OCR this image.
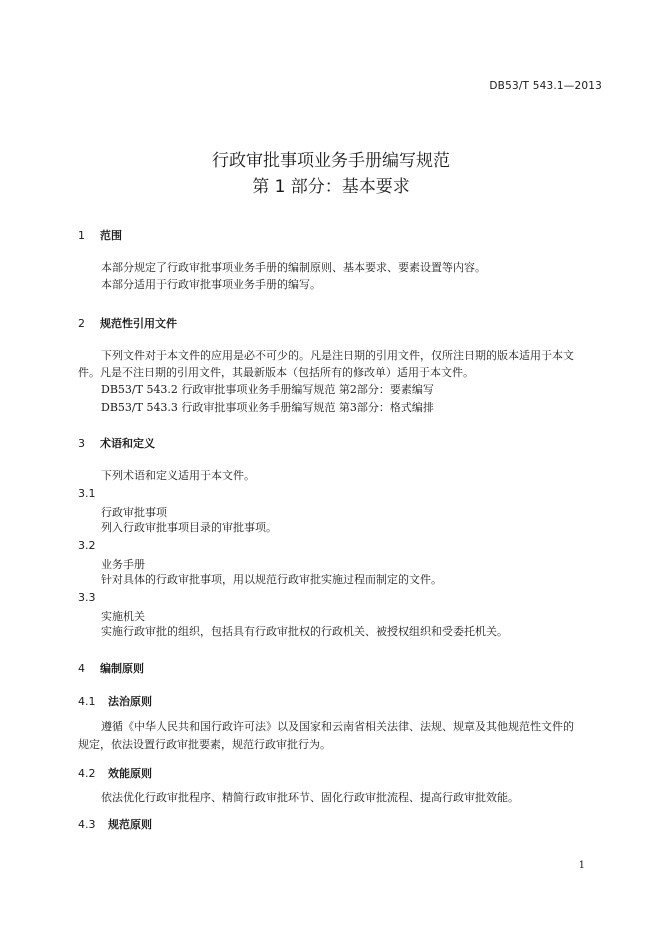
DB53/T 543.1—2013
行政审批事项业务手册编写规范
第 1 部分：基本要求
1 范围
本部分规定了行政审批事项业务手册的编制原则、基本要求、要素设置等内容。
本部分适用于行政审批事项业务手册的编写。
2 规范性引用文件
下列文件对于本文件的应用是必不可少的。凡是注日期的引用文件，仅所注日期的版本适用于本文
件。凡是不注日期的引用文件，其最新版本（包括所有的修改单）适用于本文件。
DB53/T 543.2 行政审批事项业务手册编写规范 第2部分：要素编写
DB53/T 543.3 行政审批事项业务手册编写规范 第3部分：格式编排
3 术语和定义
下列术语和定义适用于本文件。
3.1
行政审批事项
列入行政审批事项目录的审批事项。
3.2
业务手册
针对具体的行政审批事项，用以规范行政审批实施过程而制定的文件。
3.3
实施机关
实施行政审批的组织，包括具有行政审批权的行政机关、被授权组织和受委托机关。
4 编制原则
4.1 法治原则
遵循《中华人民共和国行政许可法》以及国家和云南省相关法律、法规、规章及其他规范性文件的
规定，依法设置行政审批要素，规范行政审批行为。
4.2 效能原则
依法优化行政审批程序、精简行政审批环节、固化行政审批流程、提高行政审批效能。
4.3 规范原则
1
